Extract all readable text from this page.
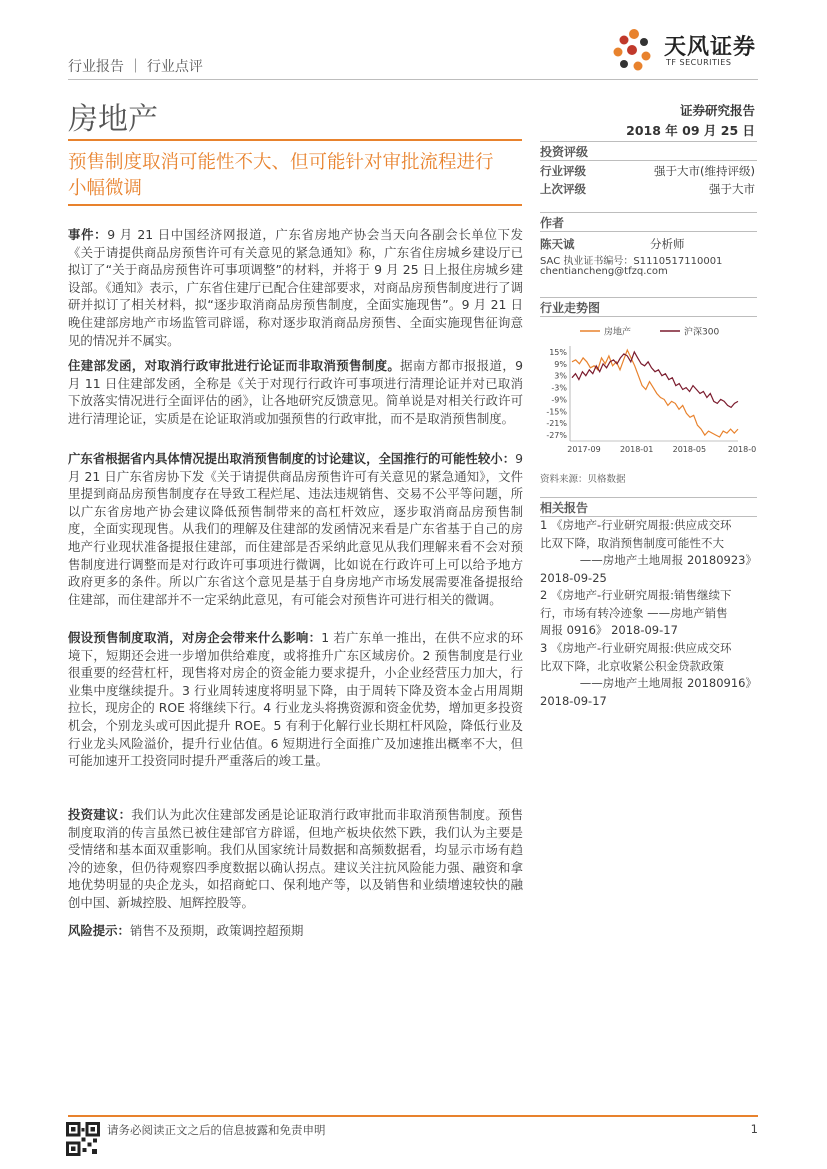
行业报告 ｜ 行业点评
天风证券
TF SECURITIES
房地产
预售制度取消可能性不大、但可能针对审批流程进行
小幅微调
事件：9 月 21 日中国经济网报道，广东省房地产协会当天向各副会长单位下发《关于请提供商品房预售许可有关意见的紧急通知》称，广东省住房城乡建设厅已拟订了“关于商品房预售许可事项调整”的材料，并将于 9 月 25 日上报住房城乡建设部。《通知》表示，广东省住建厅已配合住建部要求，对商品房预售制度进行了调研并拟订了相关材料，拟“逐步取消商品房预售制度，全面实施现售”。9 月 21 日晚住建部房地产市场监管司辟谣，称对逐步取消商品房预售、全面实施现售征询意见的情况并不属实。
住建部发函，对取消行政审批进行论证而非取消预售制度。据南方都市报报道，9 月 11 日住建部发函，全称是《关于对现行行政许可事项进行清理论证并对已取消下放落实情况进行全面评估的函》，让各地研究反馈意见。简单说是对相关行政许可进行清理论证，实质是在论证取消或加强预售的行政审批，而不是取消预售制度。
广东省根据省内具体情况提出取消预售制度的讨论建议，全国推行的可能性较小：9 月 21 日广东省房协下发《关于请提供商品房预售许可有关意见的紧急通知》，文件里提到商品房预售制度存在导致工程烂尾、违法违规销售、交易不公平等问题，所以广东省房地产协会建议降低预售制带来的高杠杆效应，逐步取消商品房预售制度，全面实现现售。从我们的理解及住建部的发函情况来看是广东省基于自己的房地产行业现状准备提报住建部，而住建部是否采纳此意见从我们理解来看不会对预售制度进行调整而是对行政许可事项进行微调，比如说在行政许可上可以给予地方政府更多的条件。所以广东省这个意见是基于自身房地产市场发展需要准备提报给住建部，而住建部并不一定采纳此意见，有可能会对预售许可进行相关的微调。
假设预售制度取消，对房企会带来什么影响：1 若广东单一推出，在供不应求的环境下，短期还会进一步增加供给难度，或将推升广东区域房价。2 预售制度是行业很重要的经营杠杆，现售将对房企的资金能力要求提升，小企业经营压力加大，行业集中度继续提升。3 行业周转速度将明显下降，由于周转下降及资本金占用周期拉长，现房企的 ROE 将继续下行。4 行业龙头将携资源和资金优势，增加更多投资机会，个别龙头或可因此提升 ROE。5 有利于化解行业长期杠杆风险，降低行业及行业龙头风险溢价，提升行业估值。6 短期进行全面推广及加速推出概率不大，但可能加速开工投资同时提升严重落后的竣工量。
投资建议：我们认为此次住建部发函是论证取消行政审批而非取消预售制度。预售制度取消的传言虽然已被住建部官方辟谣，但地产板块依然下跌，我们认为主要是受情绪和基本面双重影响。我们从国家统计局数据和高频数据看，均显示市场有趋冷的迹象，但仍待观察四季度数据以确认拐点。建议关注抗风险能力强、融资和拿地优势明显的央企龙头，如招商蛇口、保利地产等，以及销售和业绩增速较快的融创中国、新城控股、旭辉控股等。
风险提示：销售不及预期，政策调控超预期
证券研究报告
2018 年 09 月 25 日
投资评级
行业评级	强于大市(维持评级)
上次评级	强于大市
作者
陈天诚	分析师
SAC 执业证书编号：S1110517110001
chentiancheng@tfzq.com
行业走势图
房地产	沪深300
15%
9%
3%
-3%
-9%
-15%
-21%
-27%
2017-09 2018-01 2018-05	2018-0
资料来源：贝格数据
相关报告
1 《房地产-行业研究周报:供应成交环
比双下降，取消预售制度可能性不大
——房地产土地周报 20180923》
2018-09-25
2 《房地产-行业研究周报:销售继续下
行，市场有转冷迹象 ——房地产销售
周报 0916》 2018-09-17
3 《房地产-行业研究周报:供应成交环
比双下降，北京收紧公积金贷款政策
——房地产土地周报 20180916》
2018-09-17
请务必阅读正文之后的信息披露和免责申明	1
